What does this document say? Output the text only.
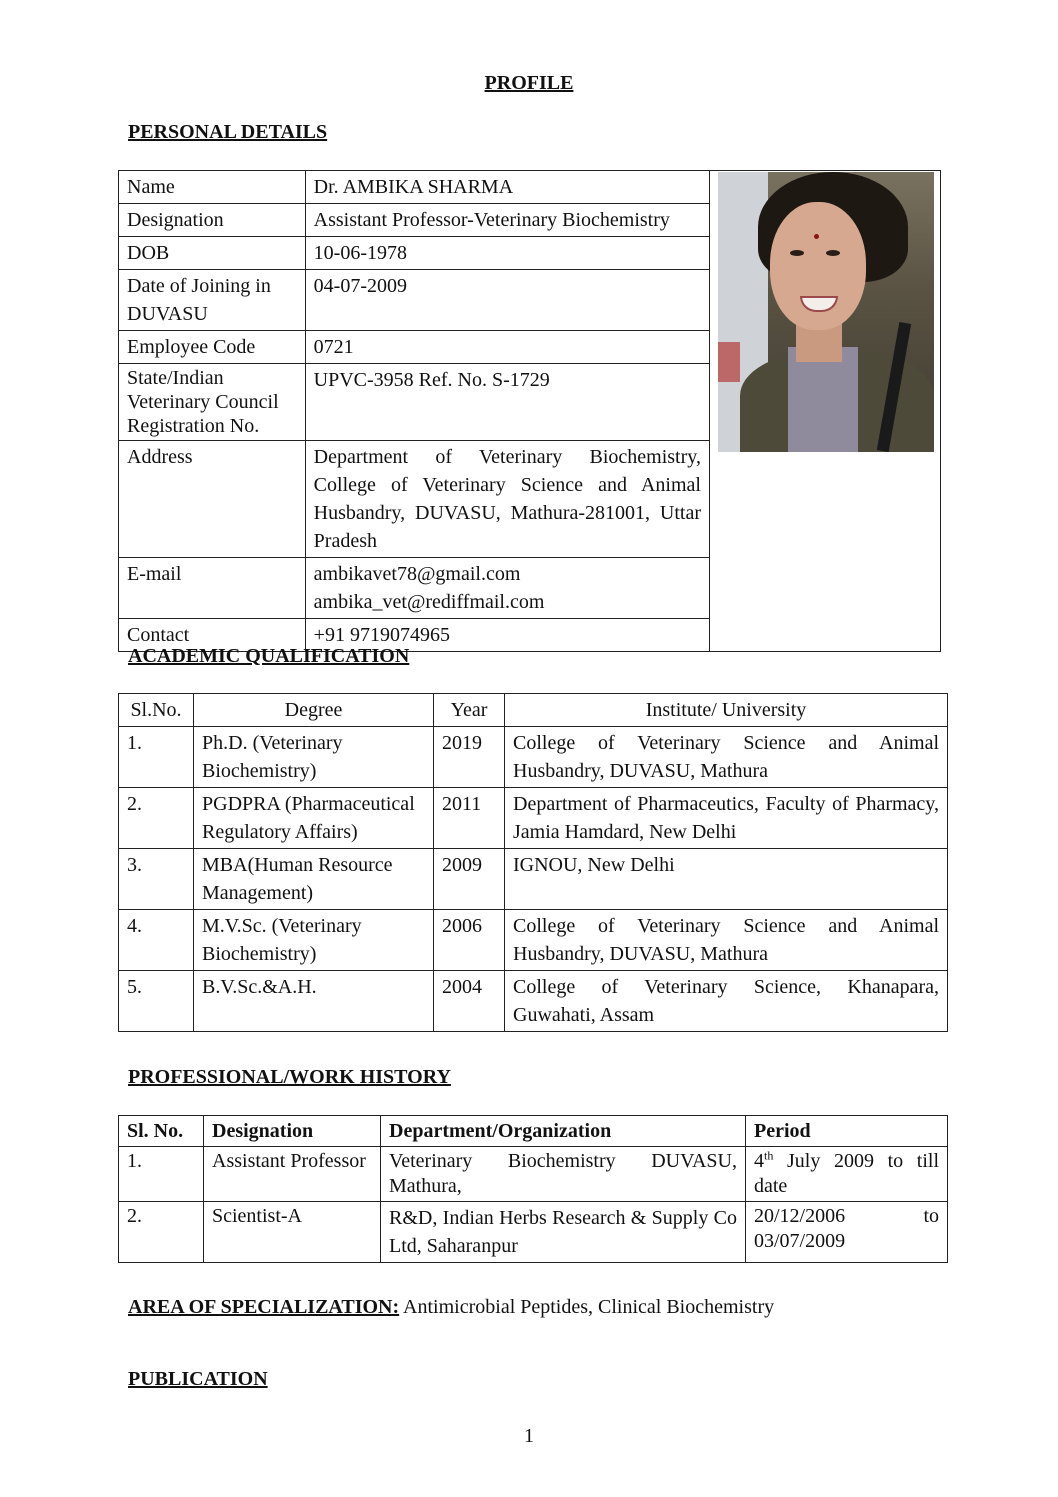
PROFILE
PERSONAL DETAILS
Name	Dr. AMBIKA SHARMA	

Designation	Assistant Professor-Veterinary Biochemistry	
DOB	10-06-1978	
Date of Joining in DUVASU	04-07-2009	
Employee Code	0721	
State/Indian Veterinary Council Registration No.	UPVC-3958 Ref. No. S-1729	
Address	Department of Veterinary Biochemistry, College of Veterinary Science and Animal Husbandry, DUVASU, Mathura-281001, Uttar Pradesh	
E-mail	ambikavet78@gmail.com
ambika_vet@rediffmail.com	

Contact	+91 9719074965	
ACADEMIC QUALIFICATION
Sl.No.	Degree	Year	Institute/ University
1.	Ph.D. (Veterinary Biochemistry)	2019	College of Veterinary Science and Animal Husbandry, DUVASU, Mathura
2.	PGDPRA (Pharmaceutical Regulatory Affairs)	2011	Department of Pharmaceutics, Faculty of Pharmacy, Jamia Hamdard, New Delhi
3.	MBA(Human Resource Management)	2009	IGNOU, New Delhi
4.	M.V.Sc. (Veterinary Biochemistry)	2006	College of Veterinary Science and Animal Husbandry, DUVASU, Mathura
5.	B.V.Sc.&A.H.	2004	College of Veterinary Science, Khanapara, Guwahati, Assam
PROFESSIONAL/WORK HISTORY
Sl. No.	Designation	Department/Organization	Period
1.	Assistant Professor	Veterinary Biochemistry DUVASU, Mathura,	4th July 2009 to till date
2.	Scientist-A	R&D, Indian Herbs Research & Supply Co Ltd, Saharanpur	20/12/2006 to 03/07/2009
AREA OF SPECIALIZATION: Antimicrobial Peptides, Clinical Biochemistry
PUBLICATION
1
